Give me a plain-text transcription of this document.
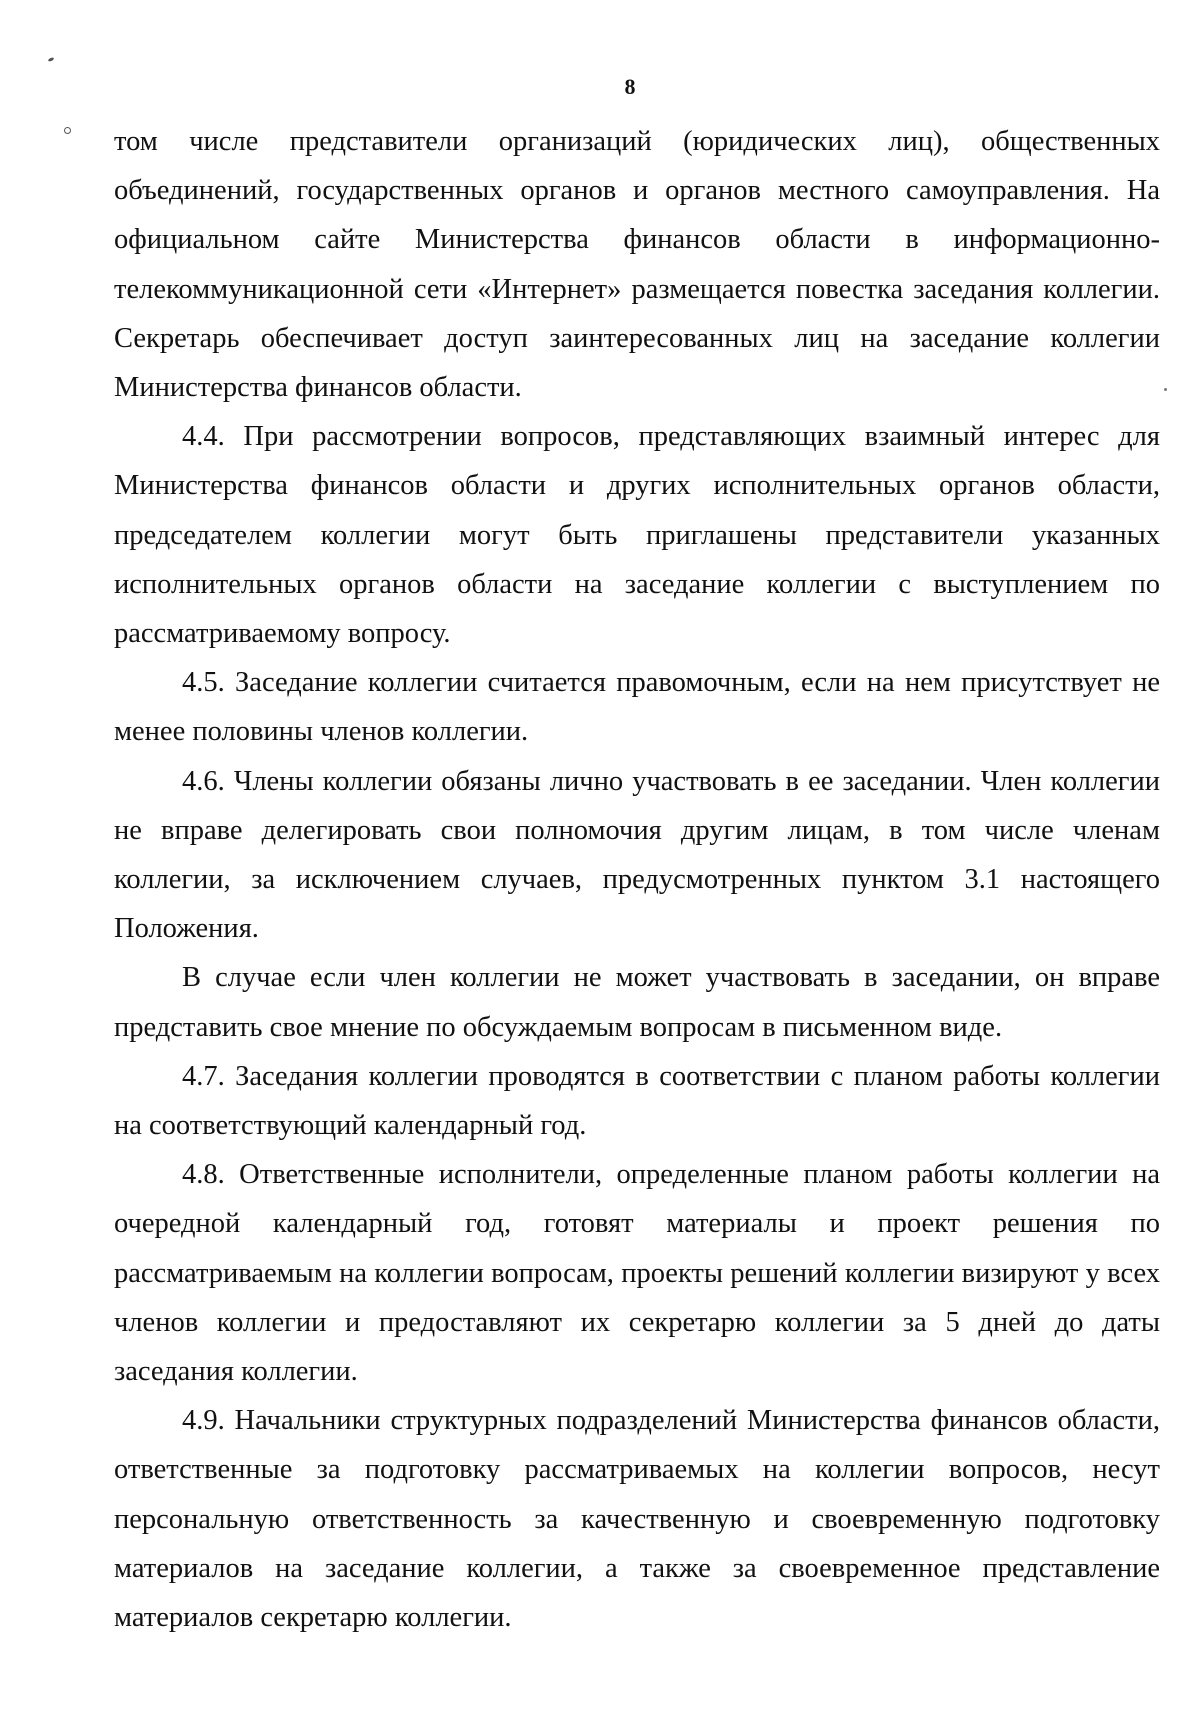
8

том числе представители организаций (юридических лиц), общественных объединений, государственных органов и органов местного самоуправления. На официальном сайте Министерства финансов области в информационно-телекоммуникационной сети «Интернет» размещается повестка заседания коллегии. Секретарь обеспечивает доступ заинтересованных лиц на заседание коллегии Министерства финансов области.

4.4. При рассмотрении вопросов, представляющих взаимный интерес для Министерства финансов области и других исполнительных органов области, председателем коллегии могут быть приглашены представители указанных исполнительных органов области на заседание коллегии с выступлением по рассматриваемому вопросу.

4.5. Заседание коллегии считается правомочным, если на нем присутствует не менее половины членов коллегии.

4.6. Члены коллегии обязаны лично участвовать в ее заседании. Член коллегии не вправе делегировать свои полномочия другим лицам, в том числе членам коллегии, за исключением случаев, предусмотренных пунктом 3.1 настоящего Положения.

В случае если член коллегии не может участвовать в заседании, он вправе представить свое мнение по обсуждаемым вопросам в письменном виде.

4.7. Заседания коллегии проводятся в соответствии с планом работы коллегии на соответствующий календарный год.

4.8. Ответственные исполнители, определенные планом работы коллегии на очередной календарный год, готовят материалы и проект решения по рассматриваемым на коллегии вопросам, проекты решений коллегии визируют у всех членов коллегии и предоставляют их секретарю коллегии за 5 дней до даты заседания коллегии.

4.9. Начальники структурных подразделений Министерства финансов области, ответственные за подготовку рассматриваемых на коллегии вопросов, несут персональную ответственность за качественную и своевременную подготовку материалов на заседание коллегии, а также за своевременное представление материалов секретарю коллегии.
